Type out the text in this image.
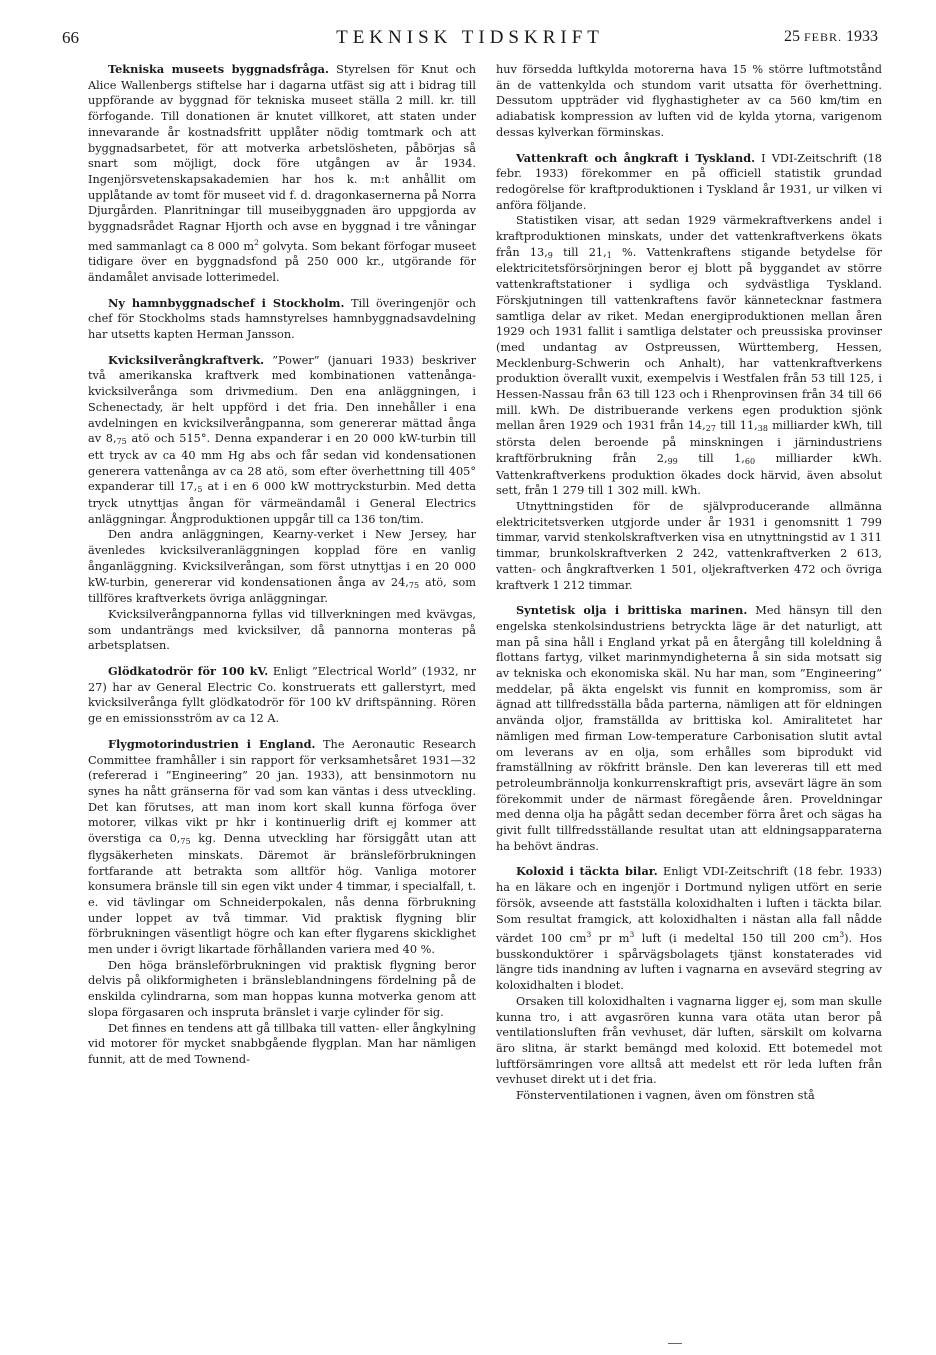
66	TEKNISK TIDSKRIFT	25 FEBR. 1933

Tekniska museets byggnadsfråga. Styrelsen för Knut och Alice Wallenbergs stiftelse har i dagarna utfäst sig att i bidrag till uppförande av byggnad för tekniska museet ställa 2 mill. kr. till förfogande. Till donationen är knutet villkoret, att staten under innevarande år kostnadsfritt upplåter nödig tomtmark och att byggnadsarbetet, för att motverka arbetslösheten, påbörjas så snart som möjligt, dock före utgången av år 1934. Ingenjörsvetenskapsakademien har hos k. m:t anhållit om upplåtande av tomt för museet vid f. d. dragonkasernerna på Norra Djurgården. Planritningar till museibyggnaden äro uppgjorda av byggnadsrådet Ragnar Hjorth och avse en byggnad i tre våningar med sammanlagt ca 8 000 $m^2$ golvyta. Som bekant förfogar museet tidigare över en byggnadsfond på 250 000 kr., utgörande för ändamålet anvisade lotterimedel.

Ny hamnbyggnadschef i Stockholm. Till överingenjör och chef för Stockholms stads hamnstyrelses hamnbyggnadsavdelning har utsetts kapten Herman Jansson.

Kvicksilverångkraftverk. ”Power” (januari 1933) beskriver två amerikanska kraftverk med kombinationen vattenånga-kvicksilverånga som drivmedium. Den ena anläggningen, i Schenectady, är helt uppförd i det fria. Den innehåller i ena avdelningen en kvicksilverångpanna, som genererar mättad ånga av $8,_{75}$ atö och 515°. Denna expanderar i en 20 000 kW-turbin till ett tryck av ca 40 mm Hg abs och får sedan vid kondensationen generera vattenånga av ca 28 atö, som efter överhettning till 405° expanderar till $17,_5$ at i en 6 000 kW mottrycksturbin. Med detta tryck utnyttjas ångan för värmeändamål i General Electrics anläggningar. Ångproduktionen uppgår till ca 136 ton/tim.

Den andra anläggningen, Kearny-verket i New Jersey, har ävenledes kvicksilveranläggningen kopplad före en vanlig ånganläggning. Kvicksilverångan, som först utnyttjas i en 20 000 kW-turbin, genererar vid kondensationen ånga av $24,_{75}$ atö, som tillföres kraftverkets övriga anläggningar.

Kvicksilverångpannorna fyllas vid tillverkningen med kvävgas, som undanträngs med kvicksilver, då pannorna monteras på arbetsplatsen.

Glödkatodrör för 100 kV. Enligt ”Electrical World” (1932, nr 27) har av General Electric Co. konstruerats ett gallerstyrt, med kvicksilverånga fyllt glödkatodrör för 100 kV driftspänning. Rören ge en emissionsström av ca 12 A.

Flygmotorindustrien i England. The Aeronautic Research Committee framhåller i sin rapport för verksamhetsåret 1931—32 (refererad i ”Engineering” 20 jan. 1933), att bensinmotorn nu synes ha nått gränserna för vad som kan väntas i dess utveckling. Det kan förutses, att man inom kort skall kunna förfoga över motorer, vilkas vikt pr hkr i kontinuerlig drift ej kommer att överstiga ca $0,_{75}$ kg. Denna utveckling har försiggått utan att flygsäkerheten minskats. Däremot är bränsleförbrukningen fortfarande att betrakta som alltför hög. Vanliga motorer konsumera bränsle till sin egen vikt under 4 timmar, i specialfall, t. e. vid tävlingar om Schneiderpokalen, nås denna förbrukning under loppet av två timmar. Vid praktisk flygning blir förbrukningen väsentligt högre och kan efter flygarens skicklighet men under i övrigt likartade förhållanden variera med 40 %.

Den höga bränsleförbrukningen vid praktisk flygning beror delvis på olikformigheten i bränsleblandningens fördelning på de enskilda cylindrarna, som man hoppas kunna motverka genom att slopa förgasaren och inspruta bränslet i varje cylinder för sig.

Det finnes en tendens att gå tillbaka till vatten- eller ångkylning vid motorer för mycket snabbgående flygplan. Man har nämligen funnit, att de med Townend-

huv försedda luftkylda motorerna hava 15 % större luftmotstånd än de vattenkylda och stundom varit utsatta för överhettning. Dessutom uppträder vid flyghastigheter av ca 560 km/tim en adiabatisk kompression av luften vid de kylda ytorna, varigenom dessas kylverkan förminskas.

Vattenkraft och ångkraft i Tyskland. I VDI-Zeitschrift (18 febr. 1933) förekommer en på officiell statistik grundad redogörelse för kraftproduktionen i Tyskland år 1931, ur vilken vi anföra följande.

Statistiken visar, att sedan 1929 värmekraftverkens andel i kraftproduktionen minskats, under det vattenkraftverkens ökats från $13,_9$ till $21,_1$ %. Vattenkraftens stigande betydelse för elektricitetsförsörjningen beror ej blott på byggandet av större vattenkraftstationer i sydliga och sydvästliga Tyskland. Förskjutningen till vattenkraftens favör kännetecknar fastmera samtliga delar av riket. Medan energiproduktionen mellan åren 1929 och 1931 fallit i samtliga delstater och preussiska provinser (med undantag av Ostpreussen, Württemberg, Hessen, Mecklenburg-Schwerin och Anhalt), har vattenkraftverkens produktion överallt vuxit, exempelvis i Westfalen från 53 till 125, i Hessen-Nassau från 63 till 123 och i Rhenprovinsen från 34 till 66 mill. kWh. De distribuerande verkens egen produktion sjönk mellan åren 1929 och 1931 från $14,_{27}$ till $11,_{38}$ milliarder kWh, till största delen beroende på minskningen i järnindustriens kraftförbrukning från $2,_{99}$ till $1,_{60}$ milliarder kWh. Vattenkraftverkens produktion ökades dock härvid, även absolut sett, från 1 279 till 1 302 mill. kWh.

Utnyttningstiden för de självproducerande allmänna elektricitetsverken utgjorde under år 1931 i genomsnitt 1 799 timmar, varvid stenkolskraftverken visa en utnyttningstid av 1 311 timmar, brunkolskraftverken 2 242, vattenkraftverken 2 613, vatten- och ångkraftverken 1 501, oljekraftverken 472 och övriga kraftverk 1 212 timmar.

Syntetisk olja i brittiska marinen. Med hänsyn till den engelska stenkolsindustriens betryckta läge är det naturligt, att man på sina håll i England yrkat på en återgång till koleldning å flottans fartyg, vilket marinmyndigheterna å sin sida motsatt sig av tekniska och ekonomiska skäl. Nu har man, som ”Engineering” meddelar, på äkta engelskt vis funnit en kompromiss, som är ägnad att tillfredsställa båda parterna, nämligen att för eldningen använda oljor, framställda av brittiska kol. Amiralitetet har nämligen med firman Low-temperature Carbonisation slutit avtal om leverans av en olja, som erhålles som biprodukt vid framställning av rökfritt bränsle. Den kan levereras till ett med petroleumbrännolja konkurrenskraftigt pris, avsevärt lägre än som förekommit under de närmast föregående åren. Proveldningar med denna olja ha pågått sedan december förra året och sägas ha givit fullt tillfredsställande resultat utan att eldningsapparaterna ha behövt ändras.

Koloxid i täckta bilar. Enligt VDI-Zeitschrift (18 febr. 1933) ha en läkare och en ingenjör i Dortmund nyligen utfört en serie försök, avseende att fastställa koloxidhalten i luften i täckta bilar. Som resultat framgick, att koloxidhalten i nästan alla fall nådde värdet 100 $cm^3$ pr $m^3$ luft (i medeltal 150 till 200 $cm^3$). Hos busskonduktörer i spårvägsbolagets tjänst konstaterades vid längre tids inandning av luften i vagnarna en avsevärd stegring av koloxidhalten i blodet.

Orsaken till koloxidhalten i vagnarna ligger ej, som man skulle kunna tro, i att avgasrören kunna vara otäta utan beror på ventilationsluften från vevhuset, där luften, särskilt om kolvarna äro slitna, är starkt bemängd med koloxid. Ett botemedel mot luftförsämringen vore alltså att medelst ett rör leda luften från vevhuset direkt ut i det fria.

Fönsterventilationen i vagnen, även om fönstren stå
